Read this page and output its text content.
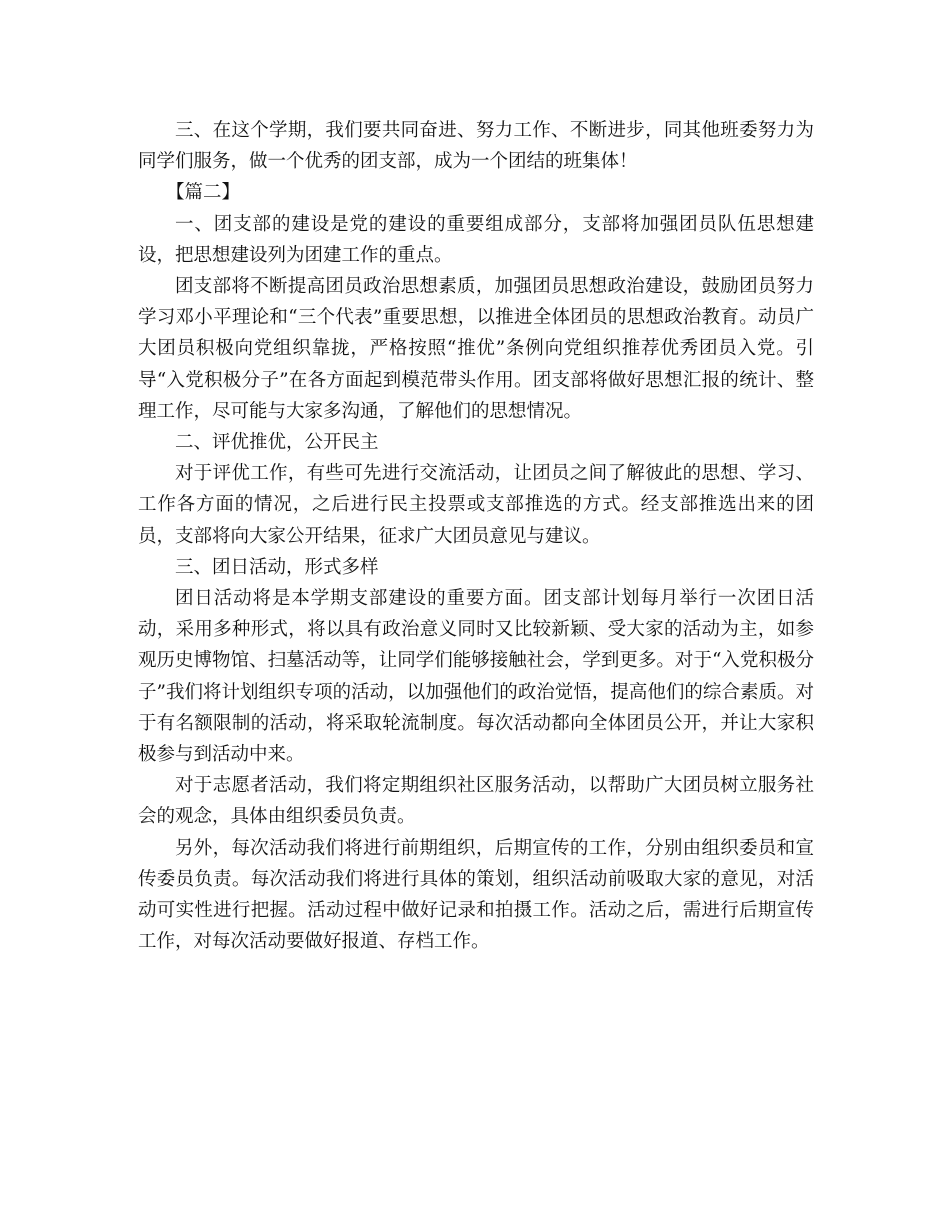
三、在这个学期，我们要共同奋进、努力工作、不断进步，同其他班委努力为同学们服务，做一个优秀的团支部，成为一个团结的班集体！

【篇二】

一、团支部的建设是党的建设的重要组成部分，支部将加强团员队伍思想建设，把思想建设列为团建工作的重点。

团支部将不断提高团员政治思想素质，加强团员思想政治建设，鼓励团员努力学习邓小平理论和“三个代表”重要思想，以推进全体团员的思想政治教育。动员广大团员积极向党组织靠拢，严格按照“推优”条例向党组织推荐优秀团员入党。引导“入党积极分子”在各方面起到模范带头作用。团支部将做好思想汇报的统计、整理工作，尽可能与大家多沟通，了解他们的思想情况。

二、评优推优，公开民主

对于评优工作，有些可先进行交流活动，让团员之间了解彼此的思想、学习、工作各方面的情况，之后进行民主投票或支部推选的方式。经支部推选出来的团员，支部将向大家公开结果，征求广大团员意见与建议。

三、团日活动，形式多样

团日活动将是本学期支部建设的重要方面。团支部计划每月举行一次团日活动，采用多种形式，将以具有政治意义同时又比较新颖、受大家的活动为主，如参观历史博物馆、扫墓活动等，让同学们能够接触社会，学到更多。对于“入党积极分子”我们将计划组织专项的活动，以加强他们的政治觉悟，提高他们的综合素质。对于有名额限制的活动，将采取轮流制度。每次活动都向全体团员公开，并让大家积极参与到活动中来。

对于志愿者活动，我们将定期组织社区服务活动，以帮助广大团员树立服务社会的观念，具体由组织委员负责。

另外，每次活动我们将进行前期组织，后期宣传的工作，分别由组织委员和宣传委员负责。每次活动我们将进行具体的策划，组织活动前吸取大家的意见，对活动可实性进行把握。活动过程中做好记录和拍摄工作。活动之后，需进行后期宣传工作，对每次活动要做好报道、存档工作。
